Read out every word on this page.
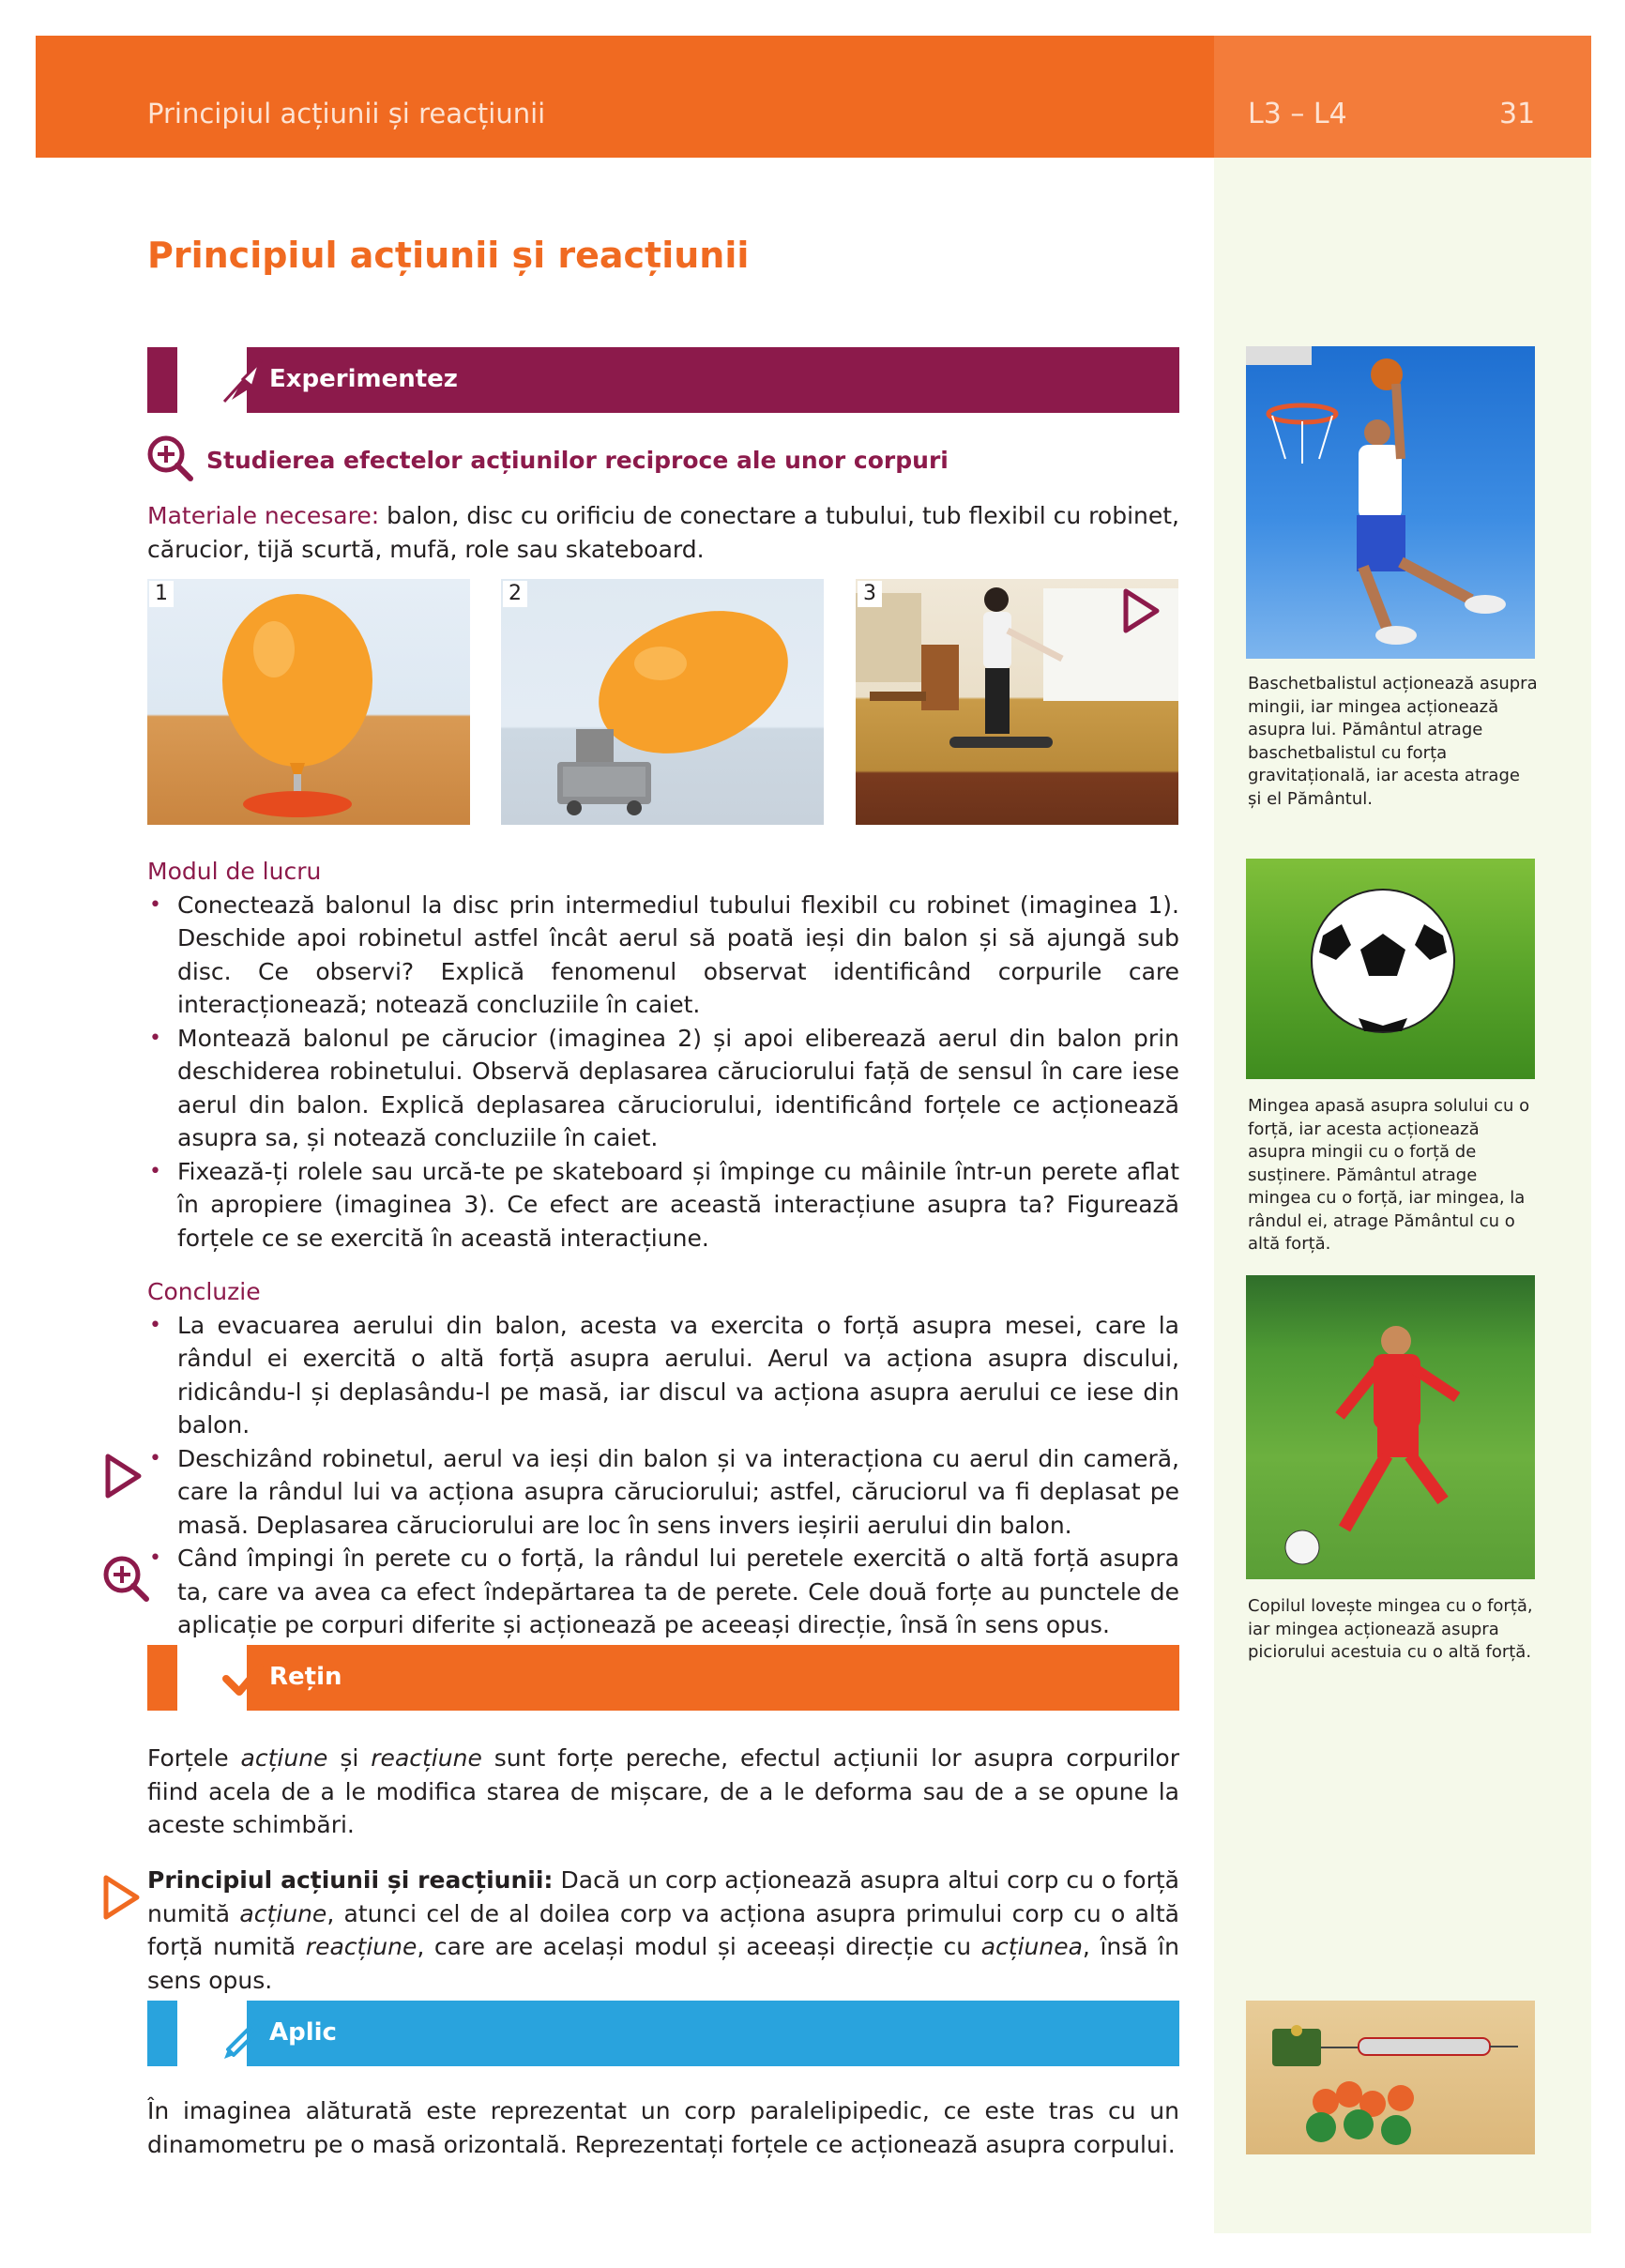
Principiul acțiunii și reacțiunii	L3 – L4	31
Principiul acțiunii și reacțiunii
Experimentez
Studierea efectelor acțiunilor reciproce ale unor corpuri
Materiale necesare: balon, disc cu orificiu de conectare a tubului, tub flexibil cu robinet, cărucior, tijă scurtă, mufă, role sau skateboard.
1	2	3
Modul de lucru
• Conectează balonul la disc prin intermediul tubului flexibil cu robinet (imaginea 1). Deschide apoi robinetul astfel încât aerul să poată ieși din balon și să ajungă sub disc. Ce observi? Explică fenomenul observat identificând corpurile care interacționează; notează concluziile în caiet.
• Montează balonul pe cărucior (imaginea 2) și apoi eliberează aerul din balon prin deschiderea robinetului. Observă deplasarea căruciorului față de sensul în care iese aerul din balon. Explică deplasarea căruciorului, identificând forțele ce acționează asupra sa, și notează concluziile în caiet.
• Fixează-ți rolele sau urcă-te pe skateboard și împinge cu mâinile într-un perete aflat în apropiere (imaginea 3). Ce efect are această interacțiune asupra ta? Figurează forțele ce se exercită în această interacțiune.
Concluzie
• La evacuarea aerului din balon, acesta va exercita o forță asupra mesei, care la rândul ei exercită o altă forță asupra aerului. Aerul va acționa asupra discului, ridicându-l și deplasându-l pe masă, iar discul va acționa asupra aerului ce iese din balon.
• Deschizând robinetul, aerul va ieși din balon și va interacționa cu aerul din cameră, care la rândul lui va acționa asupra căruciorului; astfel, căruciorul va fi deplasat pe masă. Deplasarea căruciorului are loc în sens invers ieșirii aerului din balon.
• Când împingi în perete cu o forță, la rândul lui peretele exercită o altă forță asupra ta, care va avea ca efect îndepărtarea ta de perete. Cele două forțe au punctele de aplicație pe corpuri diferite și acționează pe aceeași direcție, însă în sens opus.
Rețin
Forțele acțiune și reacțiune sunt forțe pereche, efectul acțiunii lor asupra corpurilor fiind acela de a le modifica starea de mișcare, de a le deforma sau de a se opune la aceste schimbări.
Principiul acțiunii și reacțiunii: Dacă un corp acționează asupra altui corp cu o forță numită acțiune, atunci cel de al doilea corp va acționa asupra primului corp cu o altă forță numită reacțiune, care are același modul și aceeași direcție cu acțiunea, însă în sens opus.
Aplic
În imaginea alăturată este reprezentat un corp paralelipipedic, ce este tras cu un dinamometru pe o masă orizontală. Reprezentați forțele ce acționează asupra corpului.
Baschetbalistul acționează asupra mingii, iar mingea acționează asupra lui. Pământul atrage baschetbalistul cu forța gravitațională, iar acesta atrage și el Pământul.
Mingea apasă asupra solului cu o forță, iar acesta acționează asupra mingii cu o forță de susținere. Pământul atrage mingea cu o forță, iar mingea, la rândul ei, atrage Pământul cu o altă forță.
Copilul lovește mingea cu o forță, iar mingea acționează asupra piciorului acestuia cu o altă forță.
